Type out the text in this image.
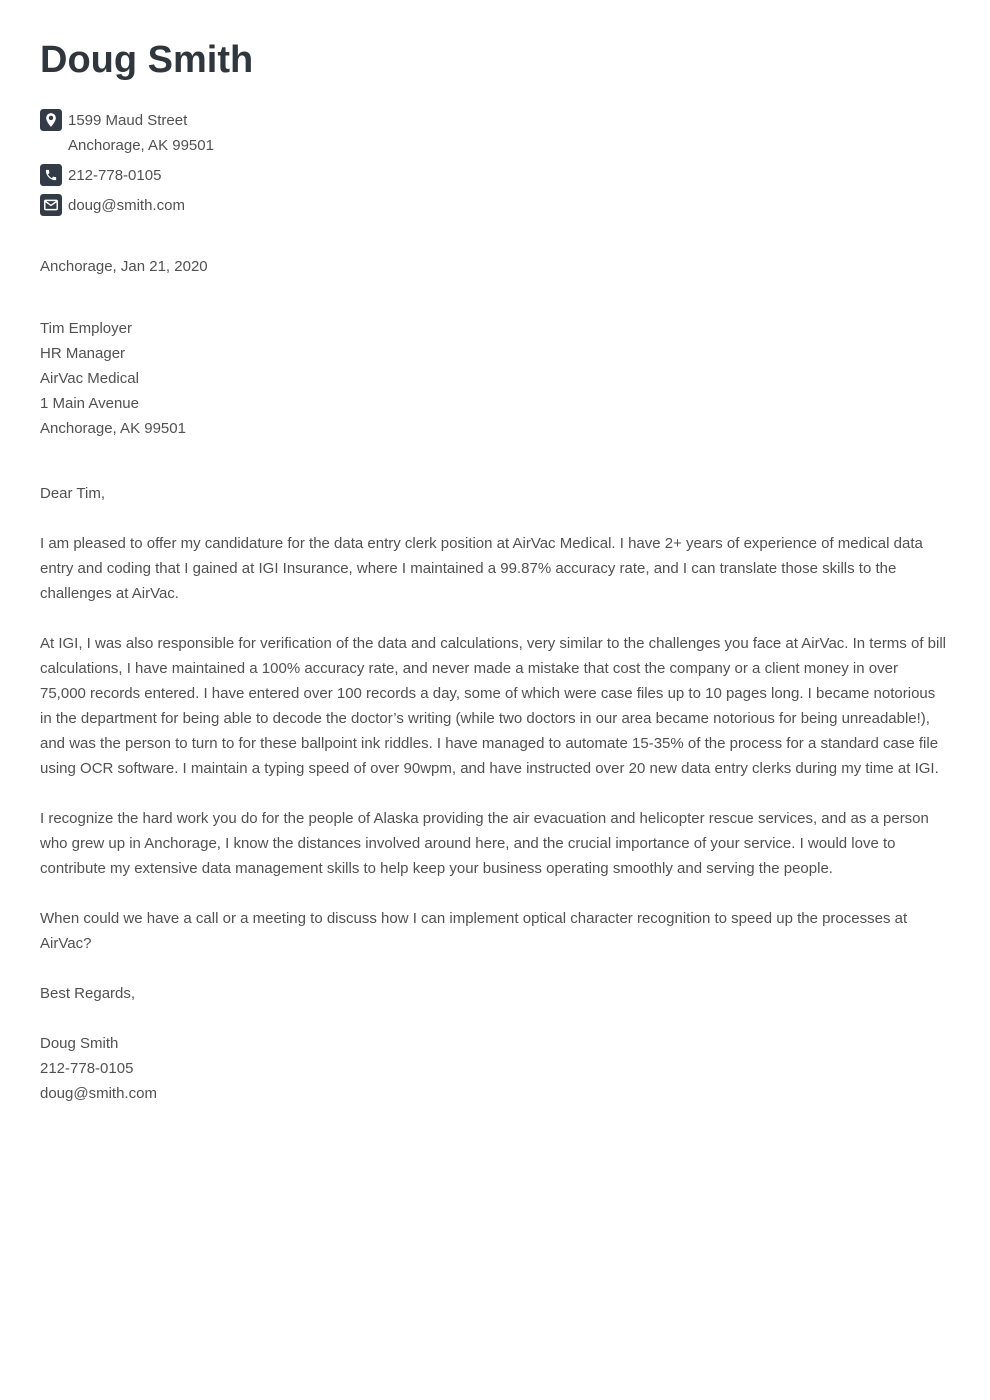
Doug Smith
1599 Maud Street
Anchorage, AK 99501
212-778-0105
doug@smith.com
Anchorage, Jan 21, 2020
Tim Employer
HR Manager
AirVac Medical
1 Main Avenue
Anchorage, AK 99501
Dear Tim,
I am pleased to offer my candidature for the data entry clerk position at AirVac Medical. I have 2+ years of experience of medical data entry and coding that I gained at IGI Insurance, where I maintained a 99.87% accuracy rate, and I can translate those skills to the challenges at AirVac.
At IGI, I was also responsible for verification of the data and calculations, very similar to the challenges you face at AirVac. In terms of bill calculations, I have maintained a 100% accuracy rate, and never made a mistake that cost the company or a client money in over 75,000 records entered. I have entered over 100 records a day, some of which were case files up to 10 pages long. I became notorious in the department for being able to decode the doctor’s writing (while two doctors in our area became notorious for being unreadable!), and was the person to turn to for these ballpoint ink riddles. I have managed to automate 15-35% of the process for a standard case file using OCR software. I maintain a typing speed of over 90wpm, and have instructed over 20 new data entry clerks during my time at IGI.
I recognize the hard work you do for the people of Alaska providing the air evacuation and helicopter rescue services, and as a person who grew up in Anchorage, I know the distances involved around here, and the crucial importance of your service. I would love to contribute my extensive data management skills to help keep your business operating smoothly and serving the people.
When could we have a call or a meeting to discuss how I can implement optical character recognition to speed up the processes at AirVac?
Best Regards,
Doug Smith
212-778-0105
doug@smith.com
